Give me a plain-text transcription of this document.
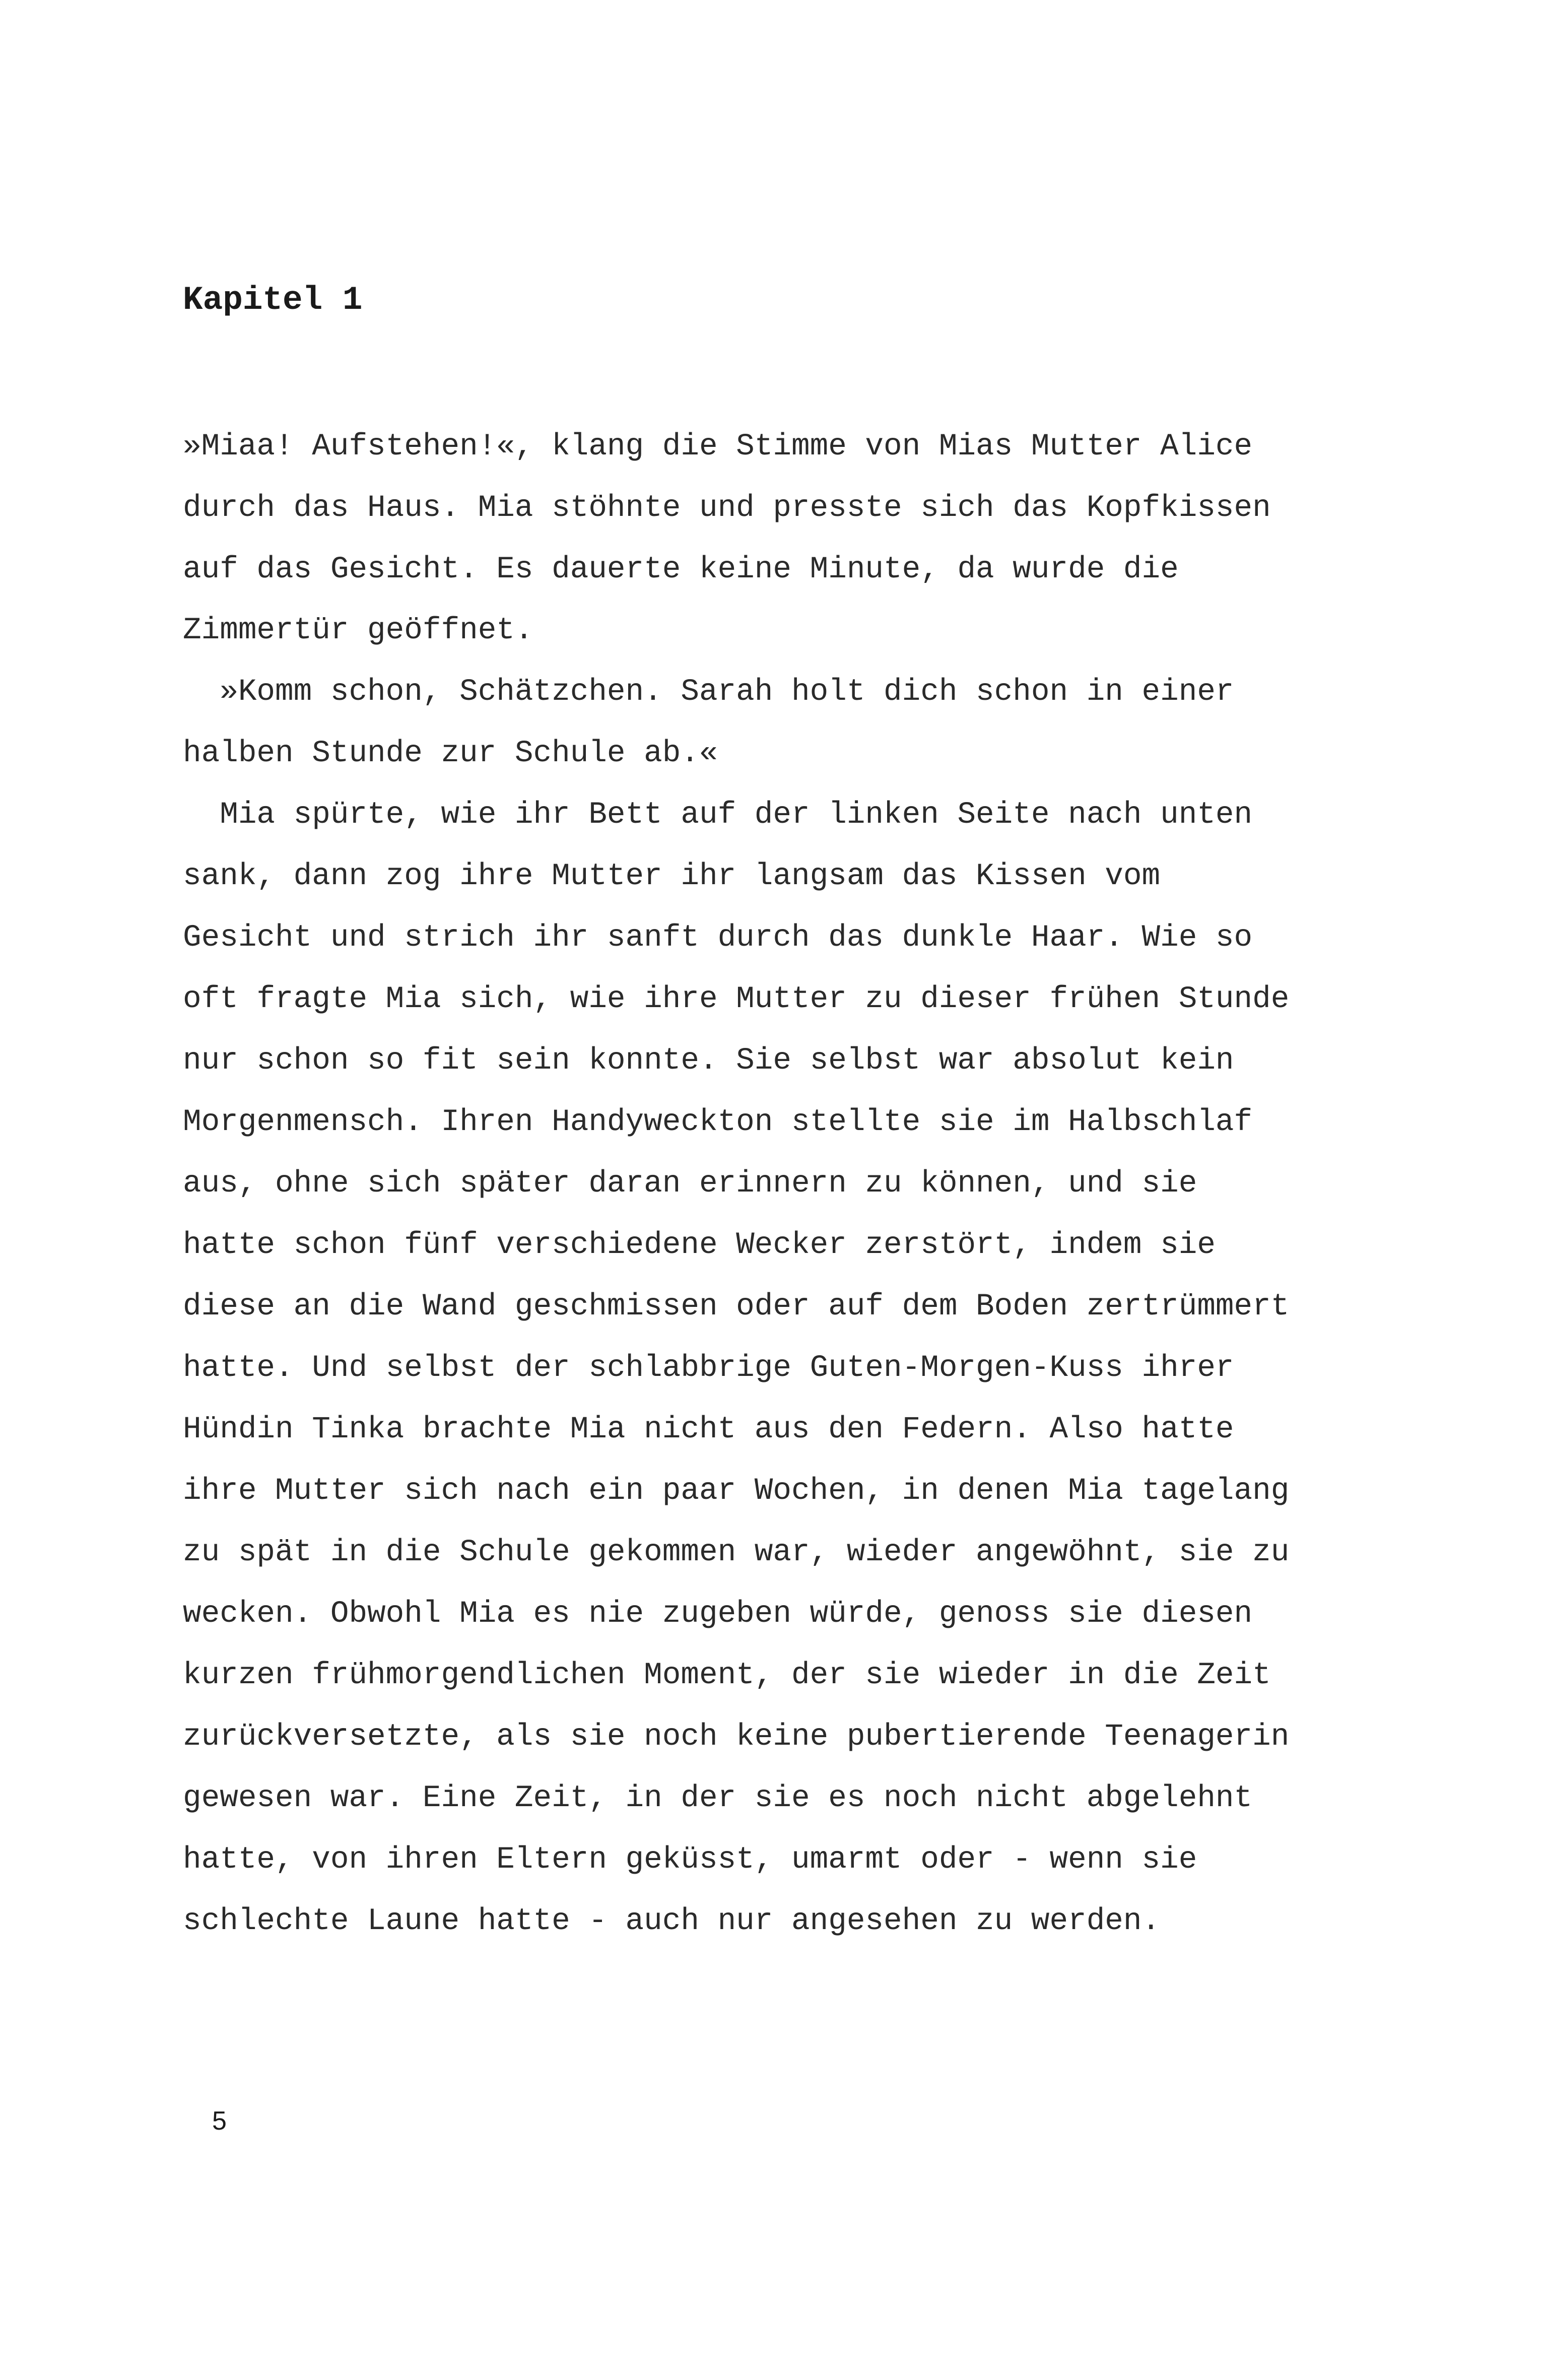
Kapitel 1

»Miaa! Aufstehen!«, klang die Stimme von Mias Mutter Alice

durch das Haus. Mia stöhnte und presste sich das Kopfkissen

auf das Gesicht. Es dauerte keine Minute, da wurde die

Zimmertür geöffnet.

»Komm schon, Schätzchen. Sarah holt dich schon in einer

halben Stunde zur Schule ab.«

Mia spürte, wie ihr Bett auf der linken Seite nach unten

sank, dann zog ihre Mutter ihr langsam das Kissen vom

Gesicht und strich ihr sanft durch das dunkle Haar. Wie so

oft fragte Mia sich, wie ihre Mutter zu dieser frühen Stunde

nur schon so fit sein konnte. Sie selbst war absolut kein

Morgenmensch. Ihren Handyweckton stellte sie im Halbschlaf

aus, ohne sich später daran erinnern zu können, und sie

hatte schon fünf verschiedene Wecker zerstört, indem sie

diese an die Wand geschmissen oder auf dem Boden zertrümmert

hatte. Und selbst der schlabbrige Guten-Morgen-Kuss ihrer

Hündin Tinka brachte Mia nicht aus den Federn. Also hatte

ihre Mutter sich nach ein paar Wochen, in denen Mia tagelang

zu spät in die Schule gekommen war, wieder angewöhnt, sie zu

wecken. Obwohl Mia es nie zugeben würde, genoss sie diesen

kurzen frühmorgendlichen Moment, der sie wieder in die Zeit

zurückversetzte, als sie noch keine pubertierende Teenagerin

gewesen war. Eine Zeit, in der sie es noch nicht abgelehnt

hatte, von ihren Eltern geküsst, umarmt oder - wenn sie

schlechte Laune hatte - auch nur angesehen zu werden.

5
